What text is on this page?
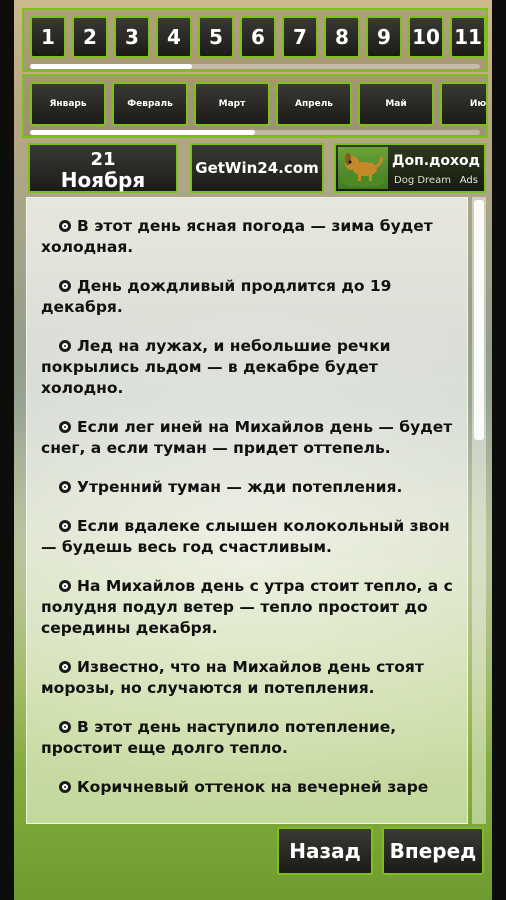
1	2	3	4	5	6	7	8	9	10 11
Январь	Февраль	Март	Апрель	Май	Ию
21
Ноября	GetWin24.com	Доп.доход
Dog Dream Ads
В этот день ясная погода — зима будет холодная.
День дождливый продлится до 19 декабря.
Лед на лужах, и небольшие речки покрылись льдом — в декабре будет холодно.
Если лег иней на Михайлов день — будет снег, а если туман — придет оттепель.
Утренний туман — жди потепления.
Если вдалеке слышен колокольный звон — будешь весь год счастливым.
На Михайлов день с утра стоит тепло, а с полудня подул ветер — тепло простоит до середины декабря.
Известно, что на Михайлов день стоят морозы, но случаются и потепления.
В этот день наступило потепление, простоит еще долго тепло.
Коричневый оттенок на вечерней заре
Назад	Вперед
